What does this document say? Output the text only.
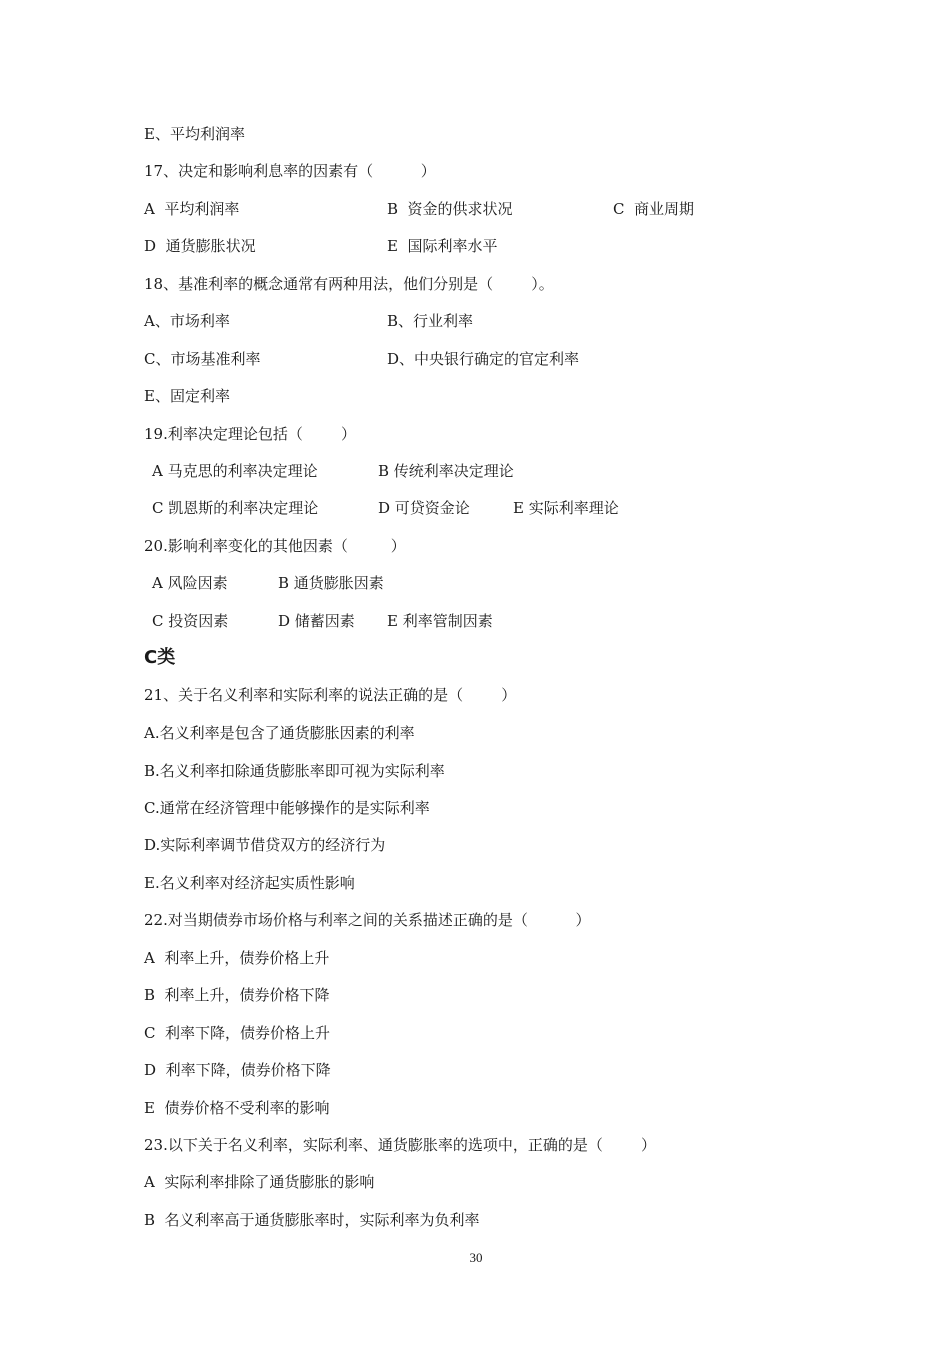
E、平均利润率
17、决定和影响利息率的因素有（          ）
A  平均利润率	B  资金的供求状况	C  商业周期
D  通货膨胀状况	E  国际利率水平
18、基准利率的概念通常有两种用法，他们分别是（        ）。
A、市场利率	B、行业利率
C、市场基准利率	D、中央银行确定的官定利率
E、固定利率
19.利率决定理论包括（        ）
A 马克思的利率决定理论	B 传统利率决定理论
C 凯恩斯的利率决定理论	D 可贷资金论	E 实际利率理论
20.影响利率变化的其他因素（         ）
A 风险因素	B 通货膨胀因素
C 投资因素	D 储蓄因素 E 利率管制因素
C类
21、关于名义利率和实际利率的说法正确的是（        ）
A.名义利率是包含了通货膨胀因素的利率
B.名义利率扣除通货膨胀率即可视为实际利率
C.通常在经济管理中能够操作的是实际利率
D.实际利率调节借贷双方的经济行为
E.名义利率对经济起实质性影响
22.对当期债券市场价格与利率之间的关系描述正确的是（          ）
A  利率上升，债券价格上升
B  利率上升，债券价格下降
C  利率下降，债券价格上升
D  利率下降，债券价格下降
E  债券价格不受利率的影响
23.以下关于名义利率，实际利率、通货膨胀率的选项中，正确的是（        ）
A  实际利率排除了通货膨胀的影响
B  名义利率高于通货膨胀率时，实际利率为负利率
30
